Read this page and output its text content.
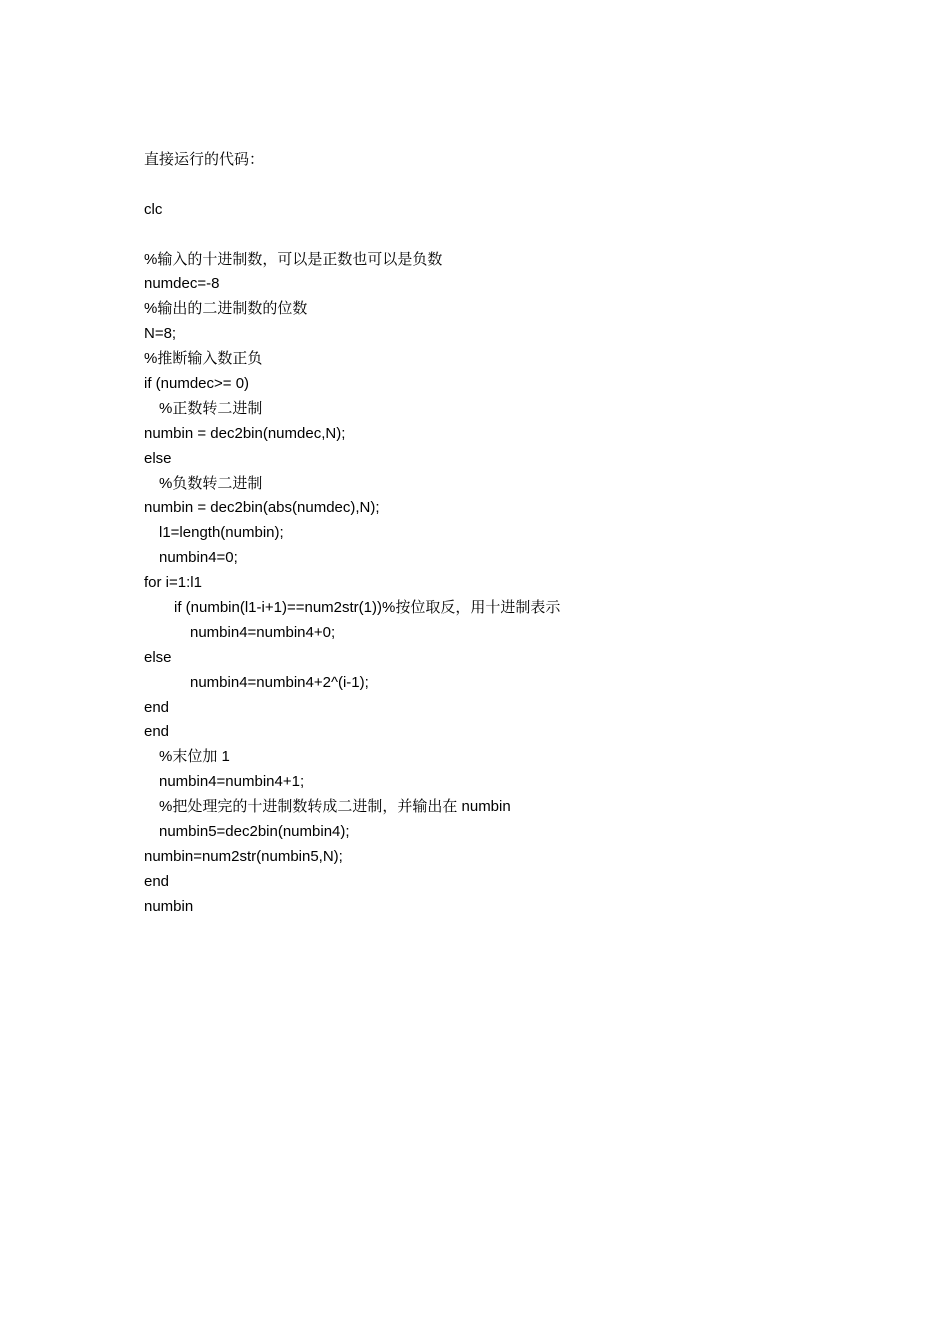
直接运行的代码：
clc
%输入的十进制数，可以是正数也可以是负数
numdec=-8
%输出的二进制数的位数
N=8;
%推断输入数正负
if (numdec>= 0)
%正数转二进制
numbin = dec2bin(numdec,N);
else
%负数转二进制
numbin = dec2bin(abs(numdec),N);
l1=length(numbin);
numbin4=0;
for i=1:l1
if (numbin(l1-i+1)==num2str(1))%按位取反，用十进制表示
numbin4=numbin4+0;
else
numbin4=numbin4+2^(i-1);
end
end
%末位加 1
numbin4=numbin4+1;
%把处理完的十进制数转成二进制，并输出在 numbin
numbin5=dec2bin(numbin4);
numbin=num2str(numbin5,N);
end
numbin
